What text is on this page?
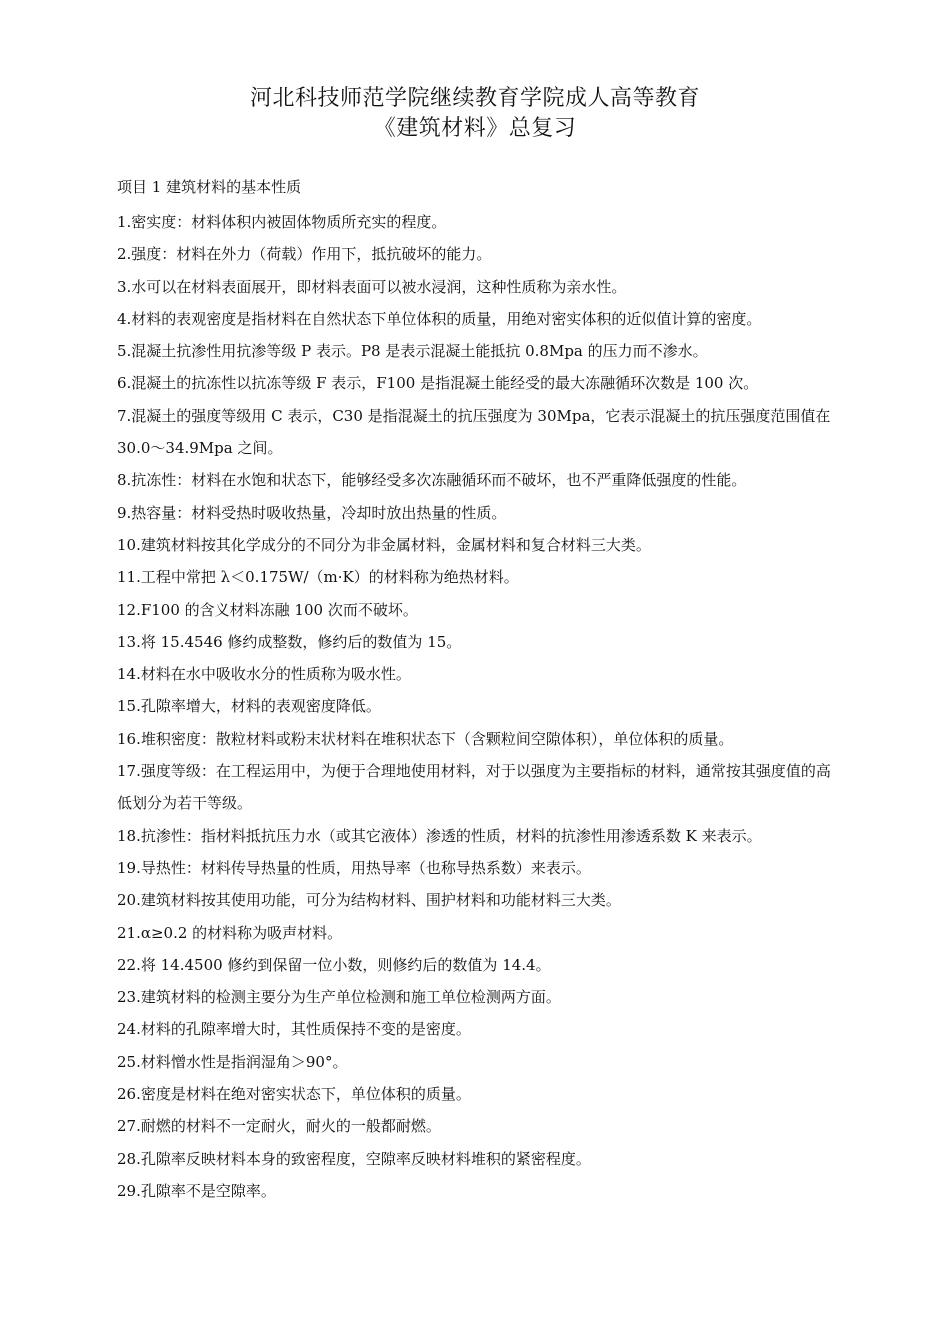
河北科技师范学院继续教育学院成人高等教育
《建筑材料》总复习
项目 1 建筑材料的基本性质
1.密实度：材料体积内被固体物质所充实的程度。
2.强度：材料在外力（荷载）作用下，抵抗破坏的能力。
3.水可以在材料表面展开，即材料表面可以被水浸润，这种性质称为亲水性。
4.材料的表观密度是指材料在自然状态下单位体积的质量，用绝对密实体积的近似值计算的密度。
5.混凝土抗渗性用抗渗等级 P 表示。P8 是表示混凝土能抵抗 0.8Mpa 的压力而不渗水。
6.混凝土的抗冻性以抗冻等级 F 表示，F100 是指混凝土能经受的最大冻融循环次数是 100 次。
7.混凝土的强度等级用 C 表示，C30 是指混凝土的抗压强度为 30Mpa，它表示混凝土的抗压强度范围值在 30.0～34.9Mpa 之间。
8.抗冻性：材料在水饱和状态下，能够经受多次冻融循环而不破坏，也不严重降低强度的性能。
9.热容量：材料受热时吸收热量，冷却时放出热量的性质。
10.建筑材料按其化学成分的不同分为非金属材料，金属材料和复合材料三大类。
11.工程中常把 λ＜0.175W/（m·K）的材料称为绝热材料。
12.F100 的含义材料冻融 100 次而不破坏。
13.将 15.4546 修约成整数，修约后的数值为 15。
14.材料在水中吸收水分的性质称为吸水性。
15.孔隙率增大，材料的表观密度降低。
16.堆积密度：散粒材料或粉末状材料在堆积状态下（含颗粒间空隙体积），单位体积的质量。
17.强度等级：在工程运用中，为便于合理地使用材料，对于以强度为主要指标的材料，通常按其强度值的高低划分为若干等级。
18.抗渗性：指材料抵抗压力水（或其它液体）渗透的性质，材料的抗渗性用渗透系数 K 来表示。
19.导热性：材料传导热量的性质，用热导率（也称导热系数）来表示。
20.建筑材料按其使用功能，可分为结构材料、围护材料和功能材料三大类。
21.α≥0.2 的材料称为吸声材料。
22.将 14.4500 修约到保留一位小数，则修约后的数值为 14.4。
23.建筑材料的检测主要分为生产单位检测和施工单位检测两方面。
24.材料的孔隙率增大时，其性质保持不变的是密度。
25.材料憎水性是指润湿角＞90°。
26.密度是材料在绝对密实状态下，单位体积的质量。
27.耐燃的材料不一定耐火，耐火的一般都耐燃。
28.孔隙率反映材料本身的致密程度，空隙率反映材料堆积的紧密程度。
29.孔隙率不是空隙率。
